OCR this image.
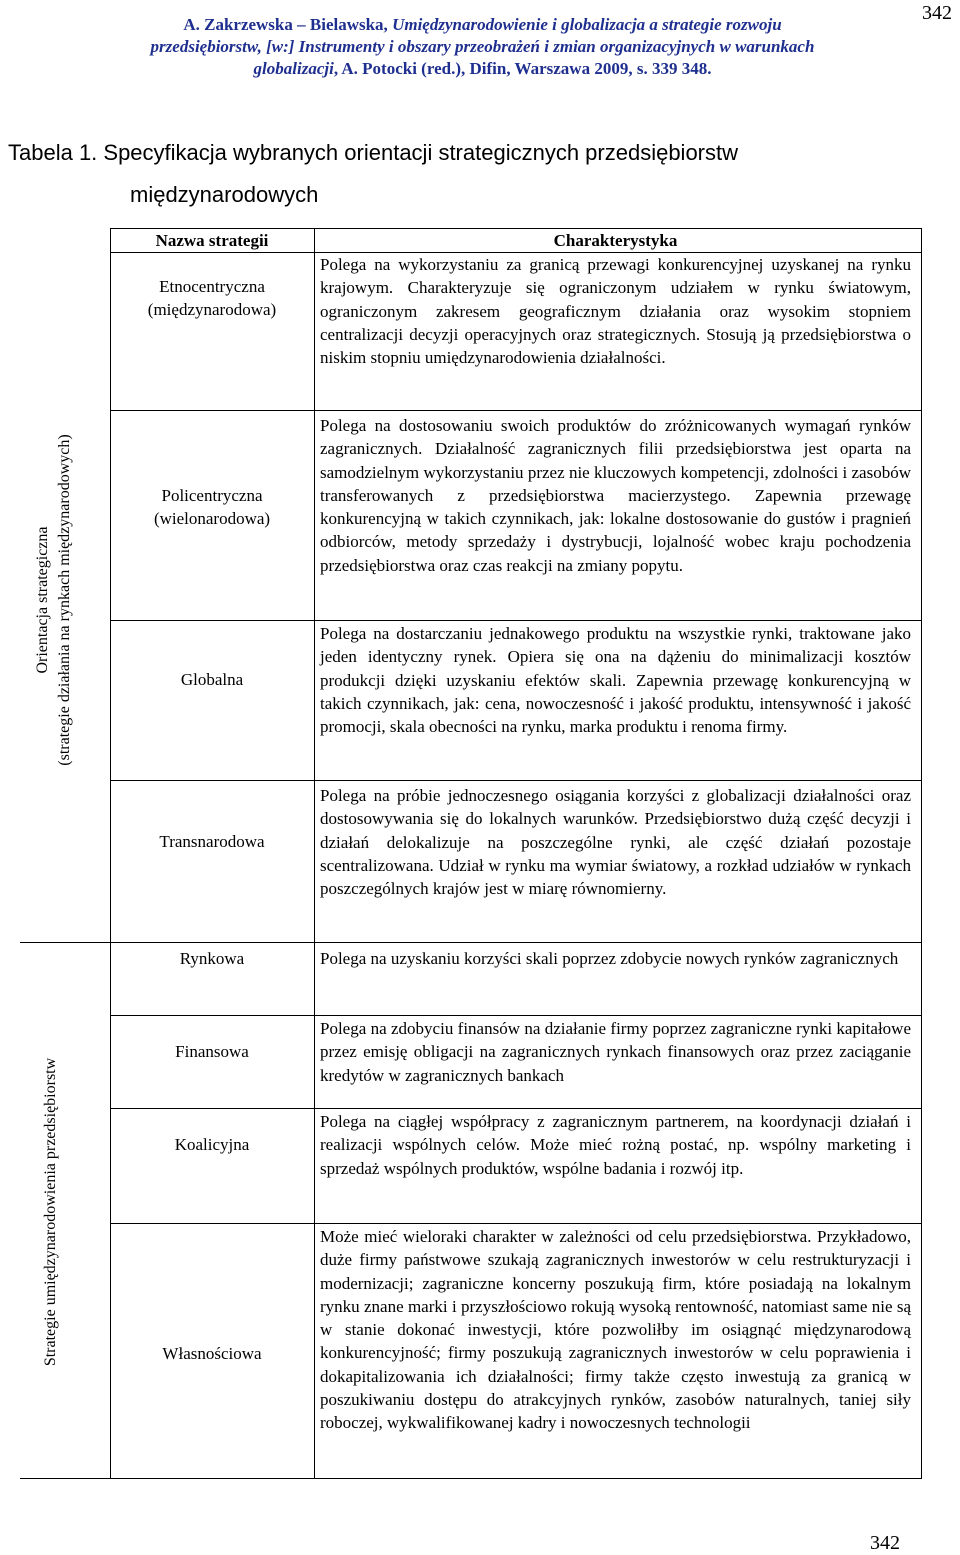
342
A. Zakrzewska – Bielawska, Umiędzynarodowienie i globalizacja a strategie rozwoju
przedsiębiorstw, [w:] Instrumenty i obszary przeobrażeń i zmian organizacyjnych w warunkach
globalizacji, A. Potocki (red.), Difin, Warszawa 2009, s. 339 348.
Tabela 1. Specyfikacja wybranych orientacji strategicznych przedsiębiorstw
międzynarodowych
Orientacja strategiczna (strategie działania na rynkach międzynarodowych)
Strategie umiędzynarodowienia przedsiębiorstw
Nazwa strategii	Charakterystyka
Etnocentryczna
(międzynarodowa)
Polega na wykorzystaniu za granicą przewagi konkurencyjnej uzyskanej na rynku krajowym. Charakteryzuje się ograniczonym udziałem w rynku światowym, ograniczonym zakresem geograficznym działania oraz wysokim stopniem centralizacji decyzji operacyjnych oraz strategicznych. Stosują ją przedsiębiorstwa o niskim stopniu umiędzynarodowienia działalności.
Policentryczna
(wielonarodowa)
Polega na dostosowaniu swoich produktów do zróżnicowanych wymagań rynków zagranicznych. Działalność zagranicznych filii przedsiębiorstwa jest oparta na samodzielnym wykorzystaniu przez nie kluczowych kompetencji, zdolności i zasobów transferowanych z przedsiębiorstwa macierzystego. Zapewnia przewagę konkurencyjną w takich czynnikach, jak: lokalne dostosowanie do gustów i pragnień odbiorców, metody sprzedaży i dystrybucji, lojalność wobec kraju pochodzenia przedsiębiorstwa oraz czas reakcji na zmiany popytu.
Globalna
Polega na dostarczaniu jednakowego produktu na wszystkie rynki, traktowane jako jeden identyczny rynek. Opiera się ona na dążeniu do minimalizacji kosztów produkcji dzięki uzyskaniu efektów skali. Zapewnia przewagę konkurencyjną w takich czynnikach, jak: cena, nowoczesność i jakość produktu, intensywność i jakość promocji, skala obecności na rynku, marka produktu i renoma firmy.
Transnarodowa
Polega na próbie jednoczesnego osiągania korzyści z globalizacji działalności oraz dostosowywania się do lokalnych warunków. Przedsiębiorstwo dużą część decyzji i działań delokalizuje na poszczególne rynki, ale część działań pozostaje scentralizowana. Udział w rynku ma wymiar światowy, a rozkład udziałów w rynkach poszczególnych krajów jest w miarę równomierny.
Rynkowa	Polega na uzyskaniu korzyści skali poprzez zdobycie nowych rynków zagranicznych
Finansowa
Polega na zdobyciu finansów na działanie firmy poprzez zagraniczne rynki kapitałowe przez emisję obligacji na zagranicznych rynkach finansowych oraz przez zaciąganie kredytów w zagranicznych bankach
Koalicyjna
Polega na ciągłej współpracy z zagranicznym partnerem, na koordynacji działań i realizacji wspólnych celów. Może mieć rożną postać, np. wspólny marketing i sprzedaż wspólnych produktów, wspólne badania i rozwój itp.
Własnościowa
Może mieć wieloraki charakter w zależności od celu przedsiębiorstwa. Przykładowo, duże firmy państwowe szukają zagranicznych inwestorów w celu restrukturyzacji i modernizacji; zagraniczne koncerny poszukują firm, które posiadają na lokalnym rynku znane marki i przyszłościowo rokują wysoką rentowność, natomiast same nie są w stanie dokonać inwestycji, które pozwoliłby im osiągnąć międzynarodową konkurencyjność; firmy poszukują zagranicznych inwestorów w celu poprawienia i dokapitalizowania ich działalności; firmy także często inwestują za granicą w poszukiwaniu dostępu do atrakcyjnych rynków, zasobów naturalnych, taniej siły roboczej, wykwalifikowanej kadry i nowoczesnych technologii
342
